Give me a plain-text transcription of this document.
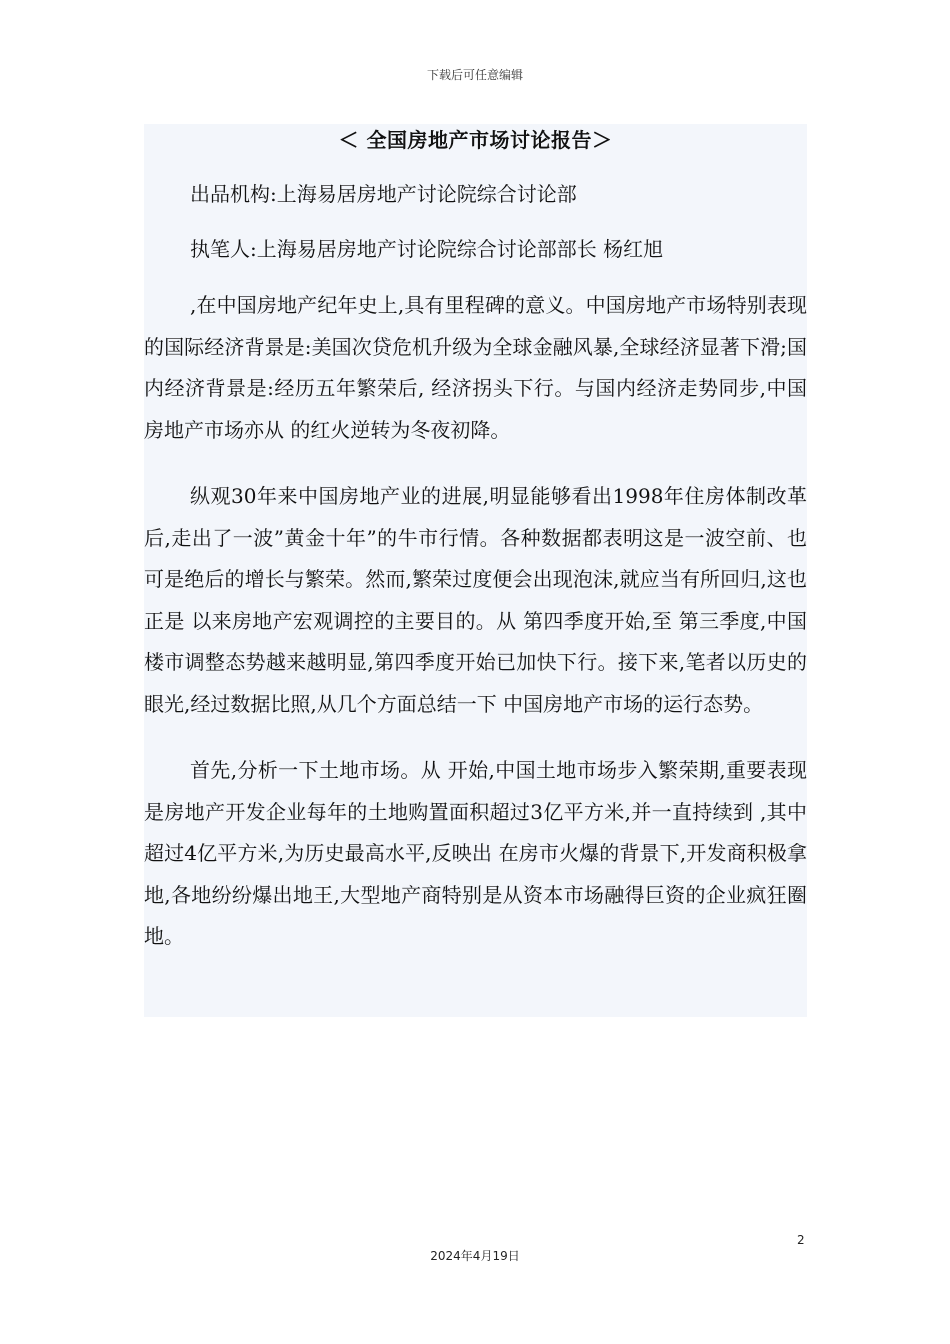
下载后可任意编辑
＜ 全国房地产市场讨论报告＞

出品机构:上海易居房地产讨论院综合讨论部

执笔人:上海易居房地产讨论院综合讨论部部长 杨红旭

,在中国房地产纪年史上,具有里程碑的意义。中国房地产市场特别表现的国际经济背景是:美国次贷危机升级为全球金融风暴,全球经济显著下滑;国内经济背景是:经历五年繁荣后, 经济拐头下行。与国内经济走势同步,中国房地产市场亦从 的红火逆转为冬夜初降。

纵观30年来中国房地产业的进展,明显能够看出1998年住房体制改革后,走出了一波”黄金十年”的牛市行情。各种数据都表明这是一波空前、也可是绝后的增长与繁荣。然而,繁荣过度便会出现泡沫,就应当有所回归,这也正是 以来房地产宏观调控的主要目的。从 第四季度开始,至 第三季度,中国楼市调整态势越来越明显,第四季度开始已加快下行。接下来,笔者以历史的眼光,经过数据比照,从几个方面总结一下 中国房地产市场的运行态势。

首先,分析一下土地市场。从 开始,中国土地市场步入繁荣期,重要表现是房地产开发企业每年的土地购置面积超过3亿平方米,并一直持续到 ,其中 超过4亿平方米,为历史最高水平,反映出 在房市火爆的背景下,开发商积极拿地,各地纷纷爆出地王,大型地产商特别是从资本市场融得巨资的企业疯狂圈地。

2
2024年4月19日
